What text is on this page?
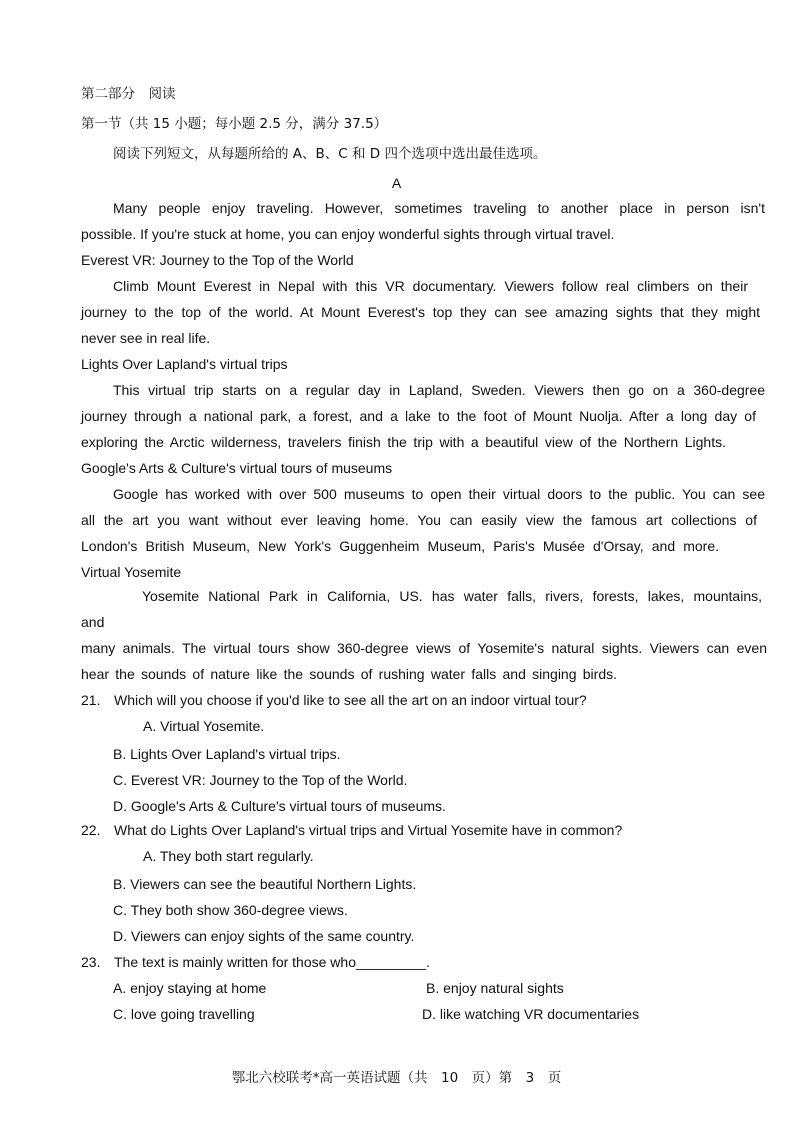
第二部分　阅读
第一节（共 15 小题；每小题 2.5 分，满分 37.5）
阅读下列短文，从每题所给的 A、B、C 和 D 四个选项中选出最佳选项。
A
Many people enjoy traveling. However, sometimes traveling to another place in person isn't
possible. If you're stuck at home, you can enjoy wonderful sights through virtual travel.
Everest VR: Journey to the Top of the World
Climb Mount Everest in Nepal with this VR documentary. Viewers follow real climbers on their
journey to the top of the world. At Mount Everest's top they can see amazing sights that they might
never see in real life.
Lights Over Lapland's virtual trips
This virtual trip starts on a regular day in Lapland, Sweden. Viewers then go on a 360-degree
journey through a national park, a forest, and a lake to the foot of Mount Nuolja. After a long day of
exploring the Arctic wilderness, travelers finish the trip with a beautiful view of the Northern Lights.
Google's Arts & Culture's virtual tours of museums
Google has worked with over 500 museums to open their virtual doors to the public. You can see
all the art you want without ever leaving home. You can easily view the famous art collections of
London's British Museum, New York's Guggenheim Museum, Paris's Musée d'Orsay, and more.
Virtual Yosemite
Yosemite National Park in California, US. has water falls, rivers, forests, lakes, mountains,
and
many animals. The virtual tours show 360-degree views of Yosemite's natural sights. Viewers can even
hear the sounds of nature like the sounds of rushing water falls and singing birds.
21. Which will you choose if you'd like to see all the art on an indoor virtual tour?
A. Virtual Yosemite.
B. Lights Over Lapland's virtual trips.
C. Everest VR: Journey to the Top of the World.
D. Google's Arts & Culture's virtual tours of museums.
22. What do Lights Over Lapland's virtual trips and Virtual Yosemite have in common?
A. They both start regularly.
B. Viewers can see the beautiful Northern Lights.
C. They both show 360-degree views.
D. Viewers can enjoy sights of the same country.
23. The text is mainly written for those who_________.
A. enjoy staying at home	B. enjoy natural sights
C. love going travelling	D. like watching VR documentaries
鄂北六校联考*高一英语试题（共　10　页）第　3　页
